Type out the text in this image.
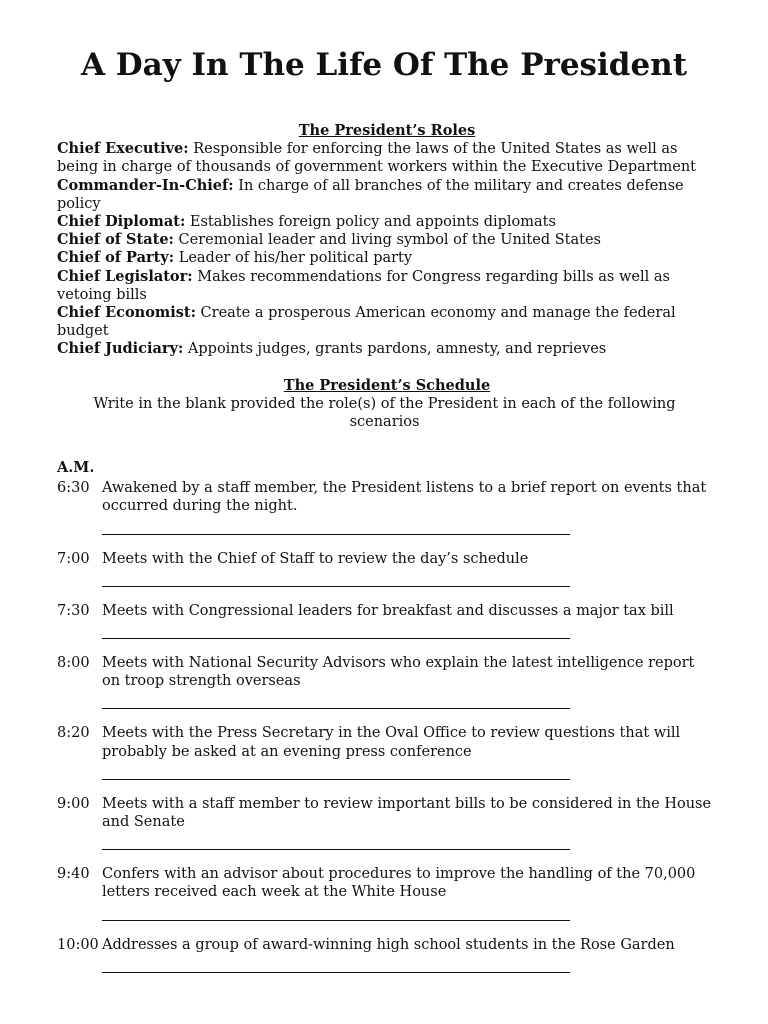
A Day In The Life Of The President
The President’s Roles

Chief Executive: Responsible for enforcing the laws of the United States as well as being in charge of thousands of government workers within the Executive Department

Commander-In-Chief: In charge of all branches of the military and creates defense policy

Chief Diplomat: Establishes foreign policy and appoints diplomats

Chief of State: Ceremonial leader and living symbol of the United States

Chief of Party: Leader of his/her political party

Chief Legislator: Makes recommendations for Congress regarding bills as well as vetoing bills

Chief Economist: Create a prosperous American economy and manage the federal budget

Chief Judiciary: Appoints judges, grants pardons, amnesty, and reprieves

The President’s Schedule
Write in the blank provided the role(s) of the President in each of the following scenarios
A.M.
6:30 Awakened by a staff member, the President listens to a brief report on events that occurred during the night.
7:00 Meets with the Chief of Staff to review the day’s schedule
7:30 Meets with Congressional leaders for breakfast and discusses a major tax bill
8:00 Meets with National Security Advisors who explain the latest intelligence report on troop strength overseas
8:20 Meets with the Press Secretary in the Oval Office to review questions that will probably be asked at an evening press conference
9:00 Meets with a staff member to review important bills to be considered in the House and Senate
9:40 Confers with an advisor about procedures to improve the handling of the 70,000 letters received each week at the White House
10:00 Addresses a group of award-winning high school students in the Rose Garden
